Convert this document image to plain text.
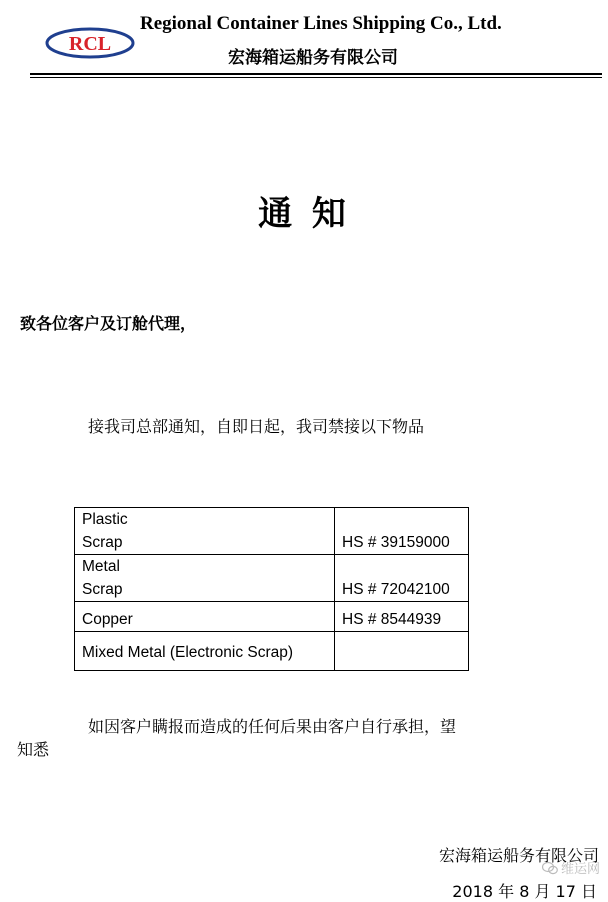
RCL
Regional Container Lines Shipping Co., Ltd.
宏海箱运船务有限公司
通 知
致各位客户及订舱代理，
接我司总部通知，自即日起，我司禁接以下物品
Plastic
Scrap	HS # 39159000

Metal
Scrap	HS # 72042100

Copper	HS # 8544939

Mixed Metal (Electronic Scrap)	

如因客户瞒报而造成的任何后果由客户自行承担，望
知悉
宏海箱运船务有限公司
维运网
2018 年 8 月 17 日
